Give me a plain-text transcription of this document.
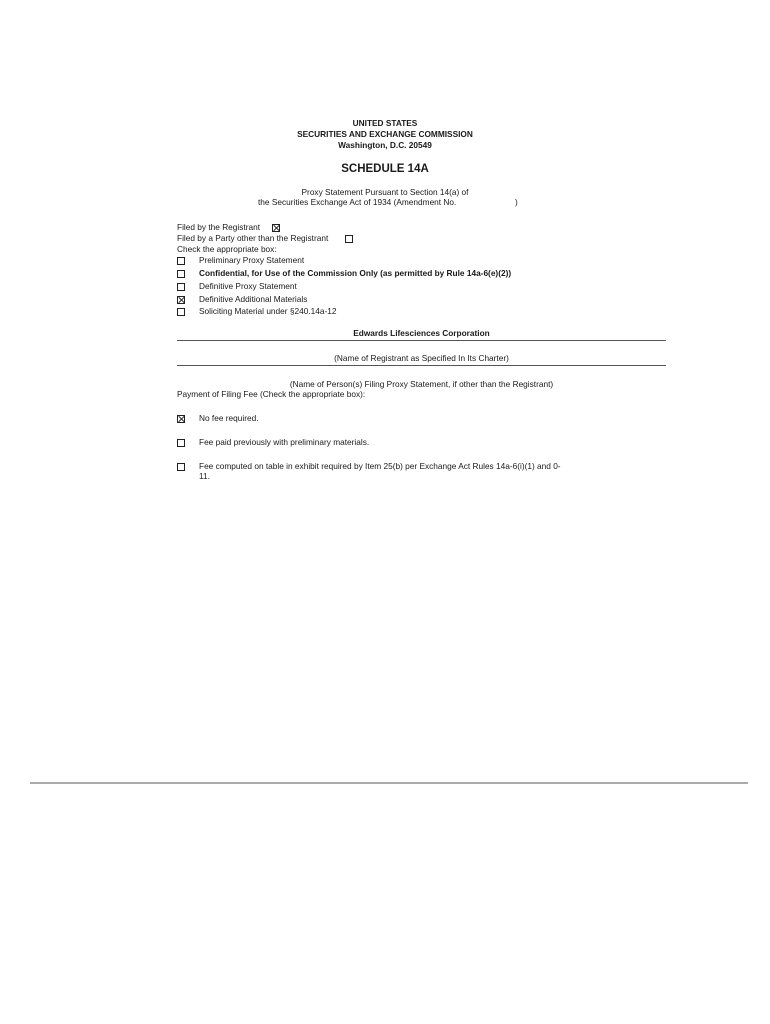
UNITED STATES
SECURITIES AND EXCHANGE COMMISSION
Washington, D.C. 20549
SCHEDULE 14A
Proxy Statement Pursuant to Section 14(a) of
the Securities Exchange Act of 1934 (Amendment No.	)
Filed by the Registrant
Filed by a Party other than the Registrant
Check the appropriate box:
Preliminary Proxy Statement
Confidential, for Use of the Commission Only (as permitted by Rule 14a-6(e)(2))
Definitive Proxy Statement
Definitive Additional Materials
Soliciting Material under §240.14a-12
Edwards Lifesciences Corporation
(Name of Registrant as Specified In Its Charter)
(Name of Person(s) Filing Proxy Statement, if other than the Registrant)
Payment of Filing Fee (Check the appropriate box):
No fee required.
Fee paid previously with preliminary materials.
Fee computed on table in exhibit required by Item 25(b) per Exchange Act Rules 14a-6(i)(1) and 0-
11.
